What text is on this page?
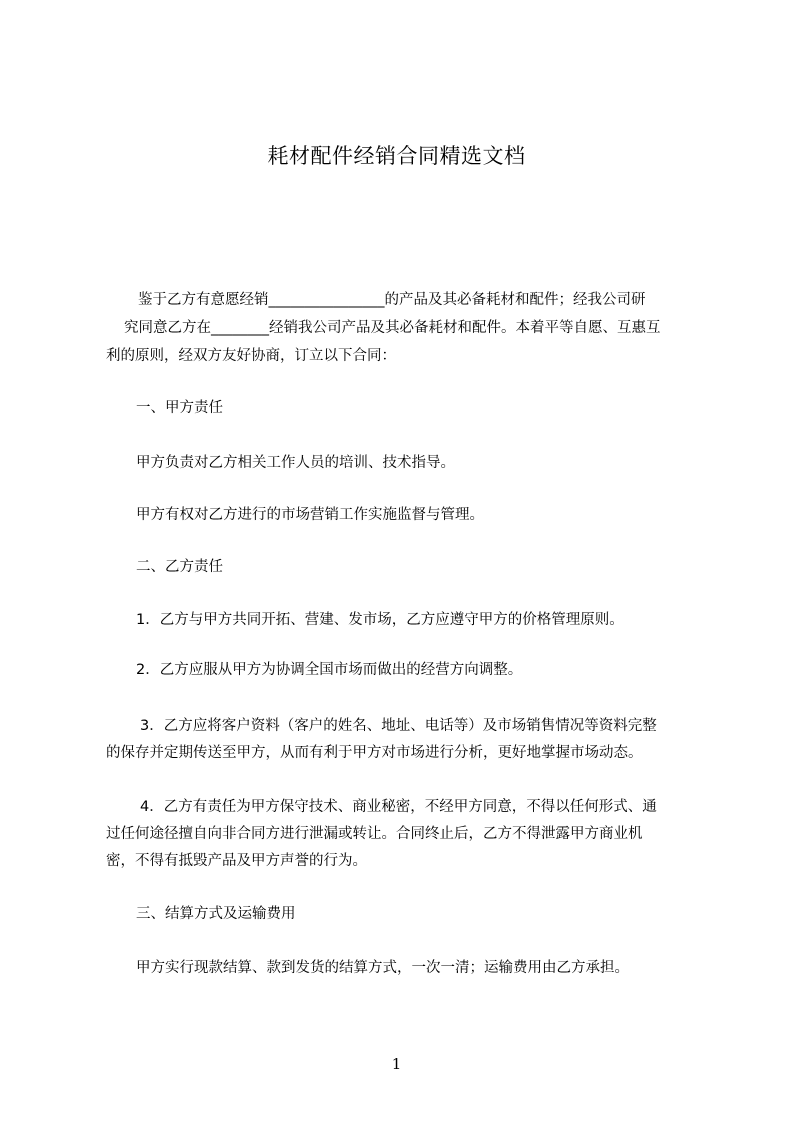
耗材配件经销合同精选文档
鉴于乙方有意愿经销________________的产品及其必备耗材和配件；经我公司研
究同意乙方在________经销我公司产品及其必备耗材和配件。本着平等自愿、互惠互
利的原则，经双方友好协商，订立以下合同：
一、甲方责任
甲方负责对乙方相关工作人员的培训、技术指导。
甲方有权对乙方进行的市场营销工作实施监督与管理。
二、乙方责任
1．乙方与甲方共同开拓、营建、发市场，乙方应遵守甲方的价格管理原则。
2．乙方应服从甲方为协调全国市场而做出的经营方向调整。
3．乙方应将客户资料（客户的姓名、地址、电话等）及市场销售情况等资料完整
的保存并定期传送至甲方，从而有利于甲方对市场进行分析，更好地掌握市场动态。
4．乙方有责任为甲方保守技术、商业秘密，不经甲方同意，不得以任何形式、通
过任何途径擅自向非合同方进行泄漏或转让。合同终止后，乙方不得泄露甲方商业机
密，不得有抵毁产品及甲方声誉的行为。
三、结算方式及运输费用
甲方实行现款结算、款到发货的结算方式，一次一清；运输费用由乙方承担。
1
